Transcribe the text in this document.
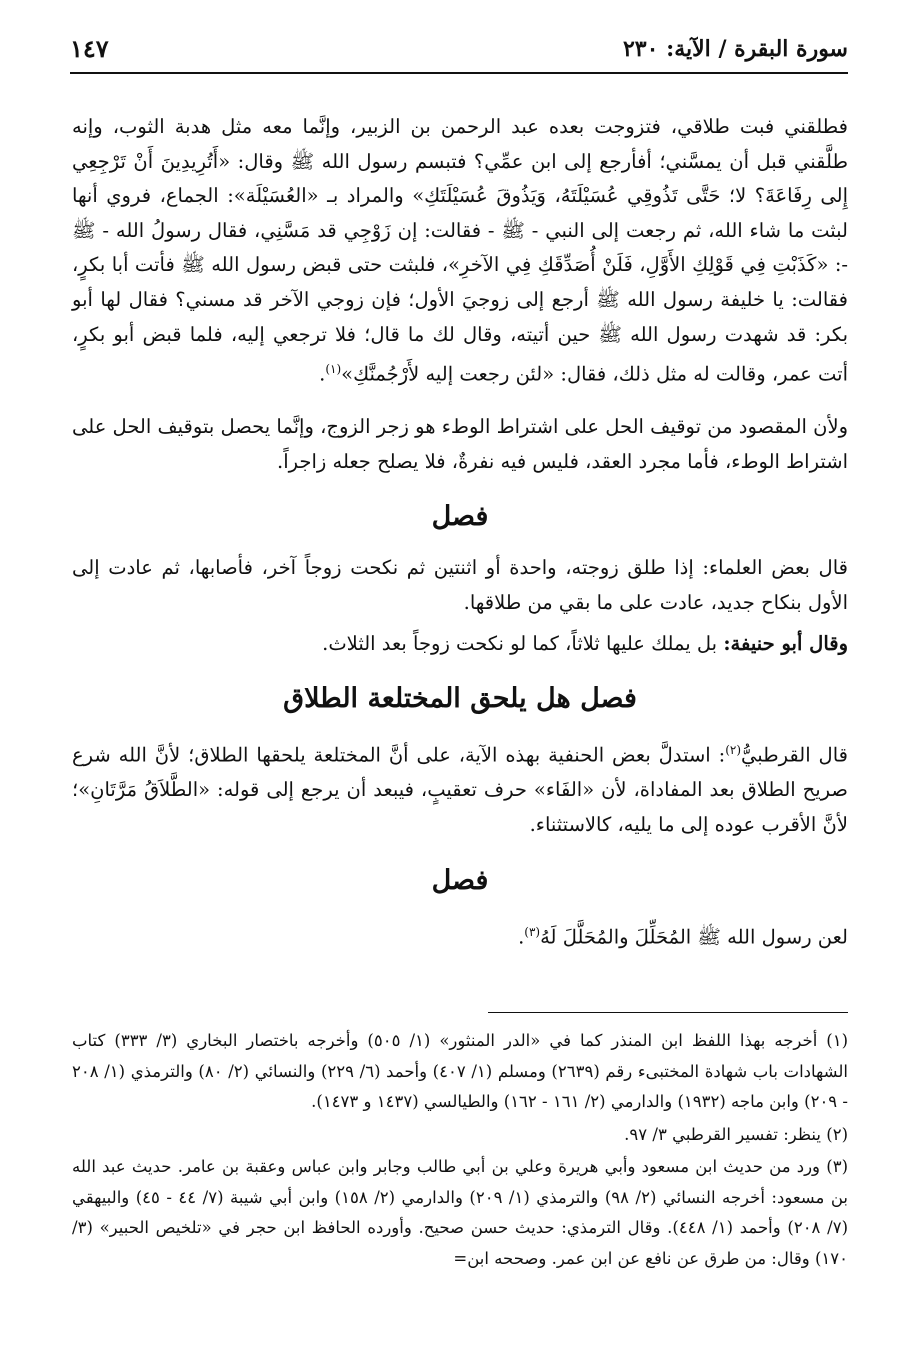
سورة البقرة / الآية: ٢٣٠
١٤٧

فطلقني فبت طلاقي، فتزوجت بعده عبد الرحمن بن الزبير، وإنَّما معه مثل هدبة الثوب، وإنه طلَّقني قبل أن يمسَّني؛ أفأرجع إلى ابن عمِّي؟ فتبسم رسول الله ﷺ وقال: «أَتُرِيدِينَ أَنْ تَرْجِعِي إِلى رِفَاعَةَ؟ لا؛ حَتَّى تَذُوقِي عُسَيْلَتَهُ، وَيَذُوقَ عُسَيْلَتَكِ» والمراد بـ «العُسَيْلَة»: الجماع، فروي أنها لبثت ما شاء الله، ثم رجعت إلى النبي - ﷺ - فقالت: إن زَوْجِي قد مَسَّنِي، فقال رسولُ الله - ﷺ -: «كَذَبْتِ فِي قَوْلِكِ الأَوَّلِ، فَلَنْ أُصَدِّقَكِ فِي الآخرِ»، فلبثت حتى قبض رسول الله ﷺ فأتت أبا بكرٍ، فقالت: يا خليفة رسول الله ﷺ أرجع إلى زوجيَ الأول؛ فإن زوجي الآخر قد مسني؟ فقال لها أبو بكر: قد شهدت رسول الله ﷺ حين أتيته، وقال لك ما قال؛ فلا ترجعي إليه، فلما قبض أبو بكرٍ، أتت عمر، وقالت له مثل ذلك، فقال: «لئن رجعت إليه لأَرْجُمنَّكِ»$^{(١)}$.

ولأن المقصود من توقيف الحل على اشتراط الوطء هو زجر الزوج، وإنَّما يحصل بتوقيف الحل على اشتراط الوطء، فأما مجرد العقد، فليس فيه نفرةٌ، فلا يصلح جعله زاجراً.

فصل

قال بعض العلماء: إذا طلق زوجته، واحدة أو اثنتين ثم نكحت زوجاً آخر، فأصابها، ثم عادت إلى الأول بنكاح جديد، عادت على ما بقي من طلاقها.

وقال أبو حنيفة: بل يملك عليها ثلاثاً، كما لو نكحت زوجاً بعد الثلاث.

فصل هل يلحق المختلعة الطلاق

قال القرطبيُّ$^{(٢)}$: استدلَّ بعض الحنفية بهذه الآية، على أنَّ المختلعة يلحقها الطلاق؛ لأنَّ الله شرع صريح الطلاق بعد المفاداة، لأن «الفَاء» حرف تعقيبٍ، فيبعد أن يرجع إلى قوله: «الطَّلاَقُ مَرَّتَانِ»؛ لأنَّ الأقرب عوده إلى ما يليه، كالاستثناء.

فصل

لعن رسول الله ﷺ المُحَلِّلَ والمُحَلَّلَ لَهُ$^{(٣)}$.

(١) أخرجه بهذا اللفظ ابن المنذر كما في «الدر المنثور» (١/ ٥٠٥) وأخرجه باختصار البخاري (٣/ ٣٣٣) كتاب الشهادات باب شهادة المختبىء رقم (٢٦٣٩) ومسلم (١/ ٤٠٧) وأحمد (٦/ ٢٢٩) والنسائي (٢/ ٨٠) والترمذي (١/ ٢٠٨ - ٢٠٩) وابن ماجه (١٩٣٢) والدارمي (٢/ ١٦١ - ١٦٢) والطيالسي (١٤٣٧ و ١٤٧٣).

(٢) ينظر: تفسير القرطبي ٣/ ٩٧.

(٣) ورد من حديث ابن مسعود وأبي هريرة وعلي بن أبي طالب وجابر وابن عباس وعقبة بن عامر. حديث عبد الله بن مسعود: أخرجه النسائي (٢/ ٩٨) والترمذي (١/ ٢٠٩) والدارمي (٢/ ١٥٨) وابن أبي شيبة (٧/ ٤٤ - ٤٥) والبيهقي (٧/ ٢٠٨) وأحمد (١/ ٤٤٨). وقال الترمذي: حديث حسن صحيح. وأورده الحافظ ابن حجر في «تلخيص الحبير» (٣/ ١٧٠) وقال: من طرق عن نافع عن ابن عمر. وصححه ابن=
